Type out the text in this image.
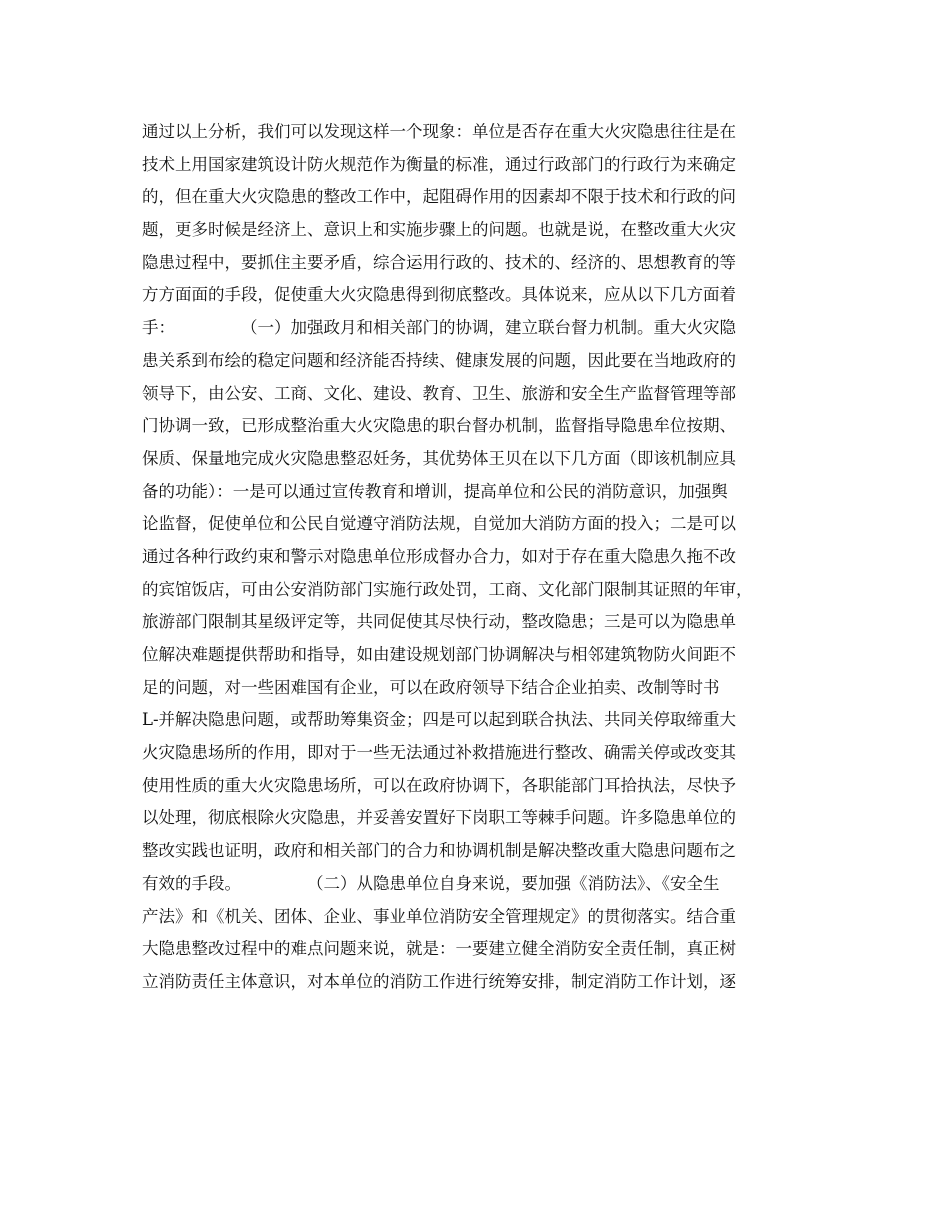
通过以上分析，我们可以发现这样一个现象：单位是否存在重大火灾隐患往往是在
技术上用国家建筑设计防火规范作为衡量的标准，通过行政部门的行政行为来确定
的，但在重大火灾隐患的整改工作中，起阻碍作用的因素却不限于技术和行政的问
题，更多时候是经济上、意识上和实施步骤上的问题。也就是说，在整改重大火灾
隐患过程中，要抓住主要矛盾，综合运用行政的、技术的、经济的、思想教育的等
方方面面的手段，促使重大火灾隐患得到彻底整改。具体说来，应从以下几方面着
手：　　　　　（一）加强政月和相关部门的协调，建立联台督力机制。重大火灾隐
患关系到布绘的稳定问题和经济能否持续、健康发展的问题，因此要在当地政府的
领导下，由公安、工商、文化、建设、教育、卫生、旅游和安全生产监督管理等部
门协调一致，已形成整治重大火灾隐患的职台督办机制，监督指导隐患牟位按期、
保质、保量地完成火灾隐患整忍妊务，其优势体王贝在以下几方面（即该机制应具
备的功能）：一是可以通过宣传教育和增训，提高单位和公民的消防意识，加强舆
论监督，促使单位和公民自觉遵守消防法规，自觉加大消防方面的投入；二是可以
通过各种行政约束和警示对隐患单位形成督办合力，如对于存在重大隐患久拖不改
的宾馆饭店，可由公安消防部门实施行政处罚，工商、文化部门限制其证照的年审，
旅游部门限制其星级评定等，共同促使其尽快行动，整改隐患；三是可以为隐患单
位解决难题提供帮助和指导，如由建设规划部门协调解决与相邻建筑物防火间距不
足的问题，对一些困难国有企业，可以在政府领导下结合企业拍卖、改制等时书
L-并解决隐患问题，或帮助筹集资金；四是可以起到联合执法、共同关停取缔重大
火灾隐患场所的作用，即对于一些无法通过补救措施进行整改、确需关停或改变其
使用性质的重大火灾隐患场所，可以在政府协调下，各职能部门耳拾执法，尽快予
以处理，彻底根除火灾隐患，并妥善安置好下岗职工等棘手问题。许多隐患单位的
整改实践也证明，政府和相关部门的合力和协调机制是解决整改重大隐患问题布之
有效的手段。　　　　　（二）从隐患单位自身来说，要加强《消防法》、《安全生
产法》和《机关、团体、企业、事业单位消防安全管理规定》的贯彻落实。结合重
大隐患整改过程中的难点问题来说，就是：一要建立健全消防安全责任制，真正树
立消防责任主体意识，对本单位的消防工作进行统筹安排，制定消防工作计划，逐
